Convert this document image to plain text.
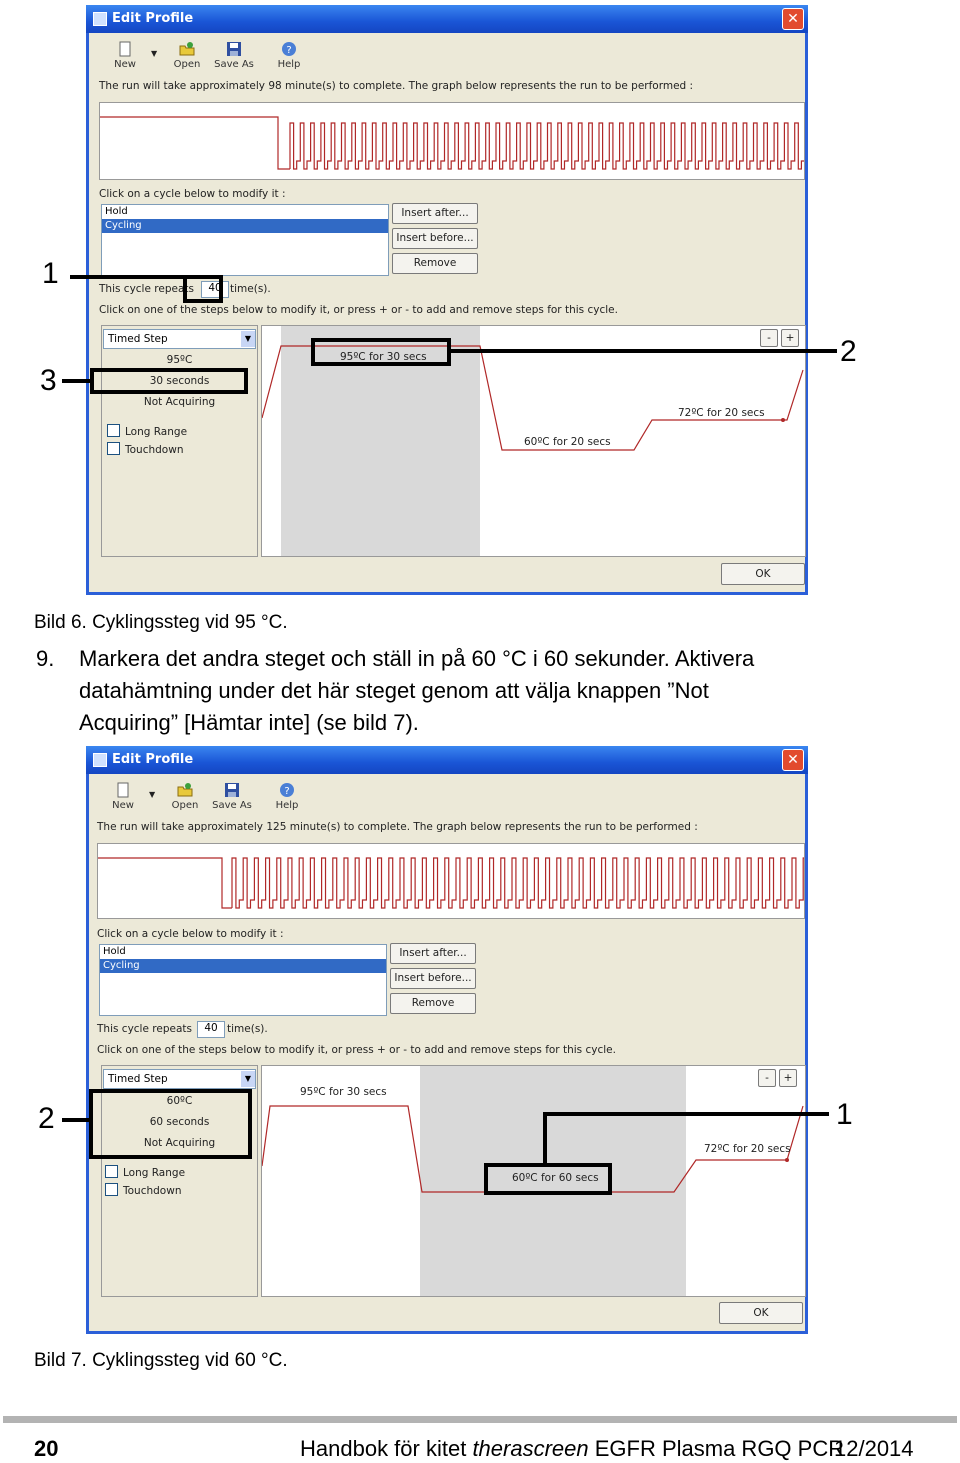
Edit Profile	✕
New
▼
Open	Save As
?
Help
The run will take approximately 98 minute(s) to complete. The graph below represents the run to be performed :
Click on a cycle below to modify it :
Hold
Cycling
Insert after...
Insert before...
Remove
This cycle repeats	40 time(s).
Click on one of the steps below to modify it, or press + or - to add and remove steps for this cycle.
Timed Step	▼
95ºC
30 seconds
Not Acquiring
Long Range
Touchdown
95ºC for 30 secs
60ºC for 20 secs
72ºC for 20 secs
-	+
OK
1
3
2
Bild 6. Cyklingssteg vid 95 °C.
9. Markera det andra steget och ställ in på 60 °C i 60 sekunder. Aktivera
datahämtning under det här steget genom att välja knappen ”Not
Acquiring” [Hämtar inte] (se bild 7).
Edit Profile	✕
New
▼
Open	Save As
?
Help
The run will take approximately 125 minute(s) to complete. The graph below represents the run to be performed :
Click on a cycle below to modify it :
Hold
Cycling
Insert after...
Insert before...
Remove
This cycle repeats	40 time(s).
Click on one of the steps below to modify it, or press + or - to add and remove steps for this cycle.
Timed Step	▼
60ºC
60 seconds
Not Acquiring
Long Range
Touchdown
95ºC for 30 secs
60ºC for 60 secs
72ºC for 20 secs
-	+
OK
2	1
Bild 7. Cyklingssteg vid 60 °C.
20	Handbok för kitet therascreen EGFR Plasma RGQ PCR
12/2014
